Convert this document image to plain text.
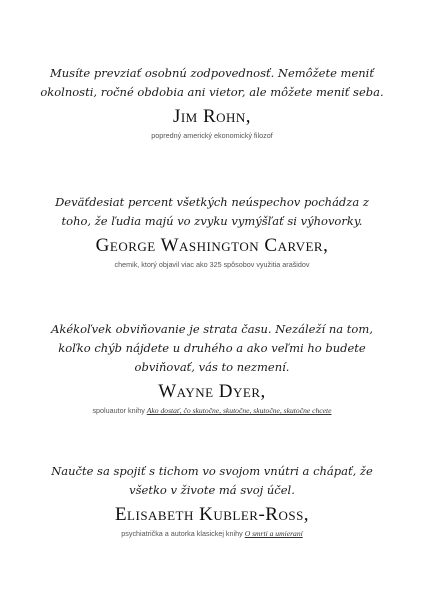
Musíte prevziať osobnú zodpovednosť. Nemôžete meniť okolnosti, ročné obdobia ani vietor, ale môžete meniť seba.

Jim Rohn,

popredný americký ekonomický filozof

Deväťdesiat percent všetkých neúspechov pochádza z toho, že ľudia majú vo zvyku vymýšľať si výhovorky.

George Washington Carver,

chemik, ktorý objavil viac ako 325 spôsobov využitia arašidov

Akékoľvek obviňovanie je strata času. Nezáleží na tom, koľko chýb nájdete u druhého a ako veľmi ho budete obviňovať, vás to nezmení.

Wayne Dyer,

spoluautor knihy Ako dostať, čo skutočne, skutočne, skutočne, skutočne chcete

Naučte sa spojiť s tichom vo svojom vnútri a chápať, že všetko v živote má svoj účel.

Elisabeth Kubler-Ross,

psychiatrička a autorka klasickej knihy O smrti a umieraní
